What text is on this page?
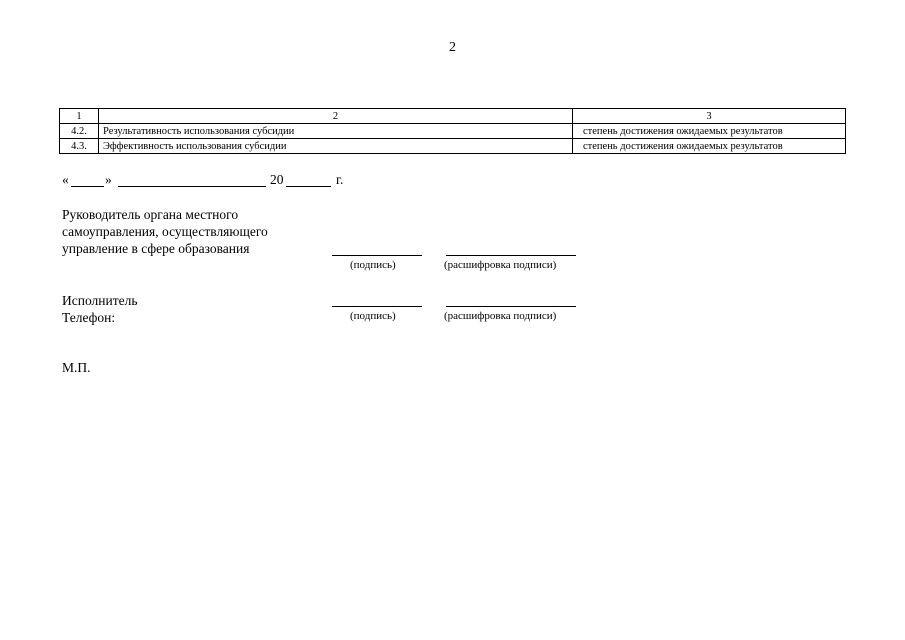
2
1	2	3
4.2.	Результативность использования субсидии	степень достижения ожидаемых результатов
4.3.	Эффективность использования субсидии	степень достижения ожидаемых результатов
«	»	20	г.
Руководитель органа местного
самоуправления, осуществляющего
управление в сфере образования
(подпись)	(расшифровка подписи)
Исполнитель
Телефон:	(подпись)	(расшифровка подписи)
М.П.
